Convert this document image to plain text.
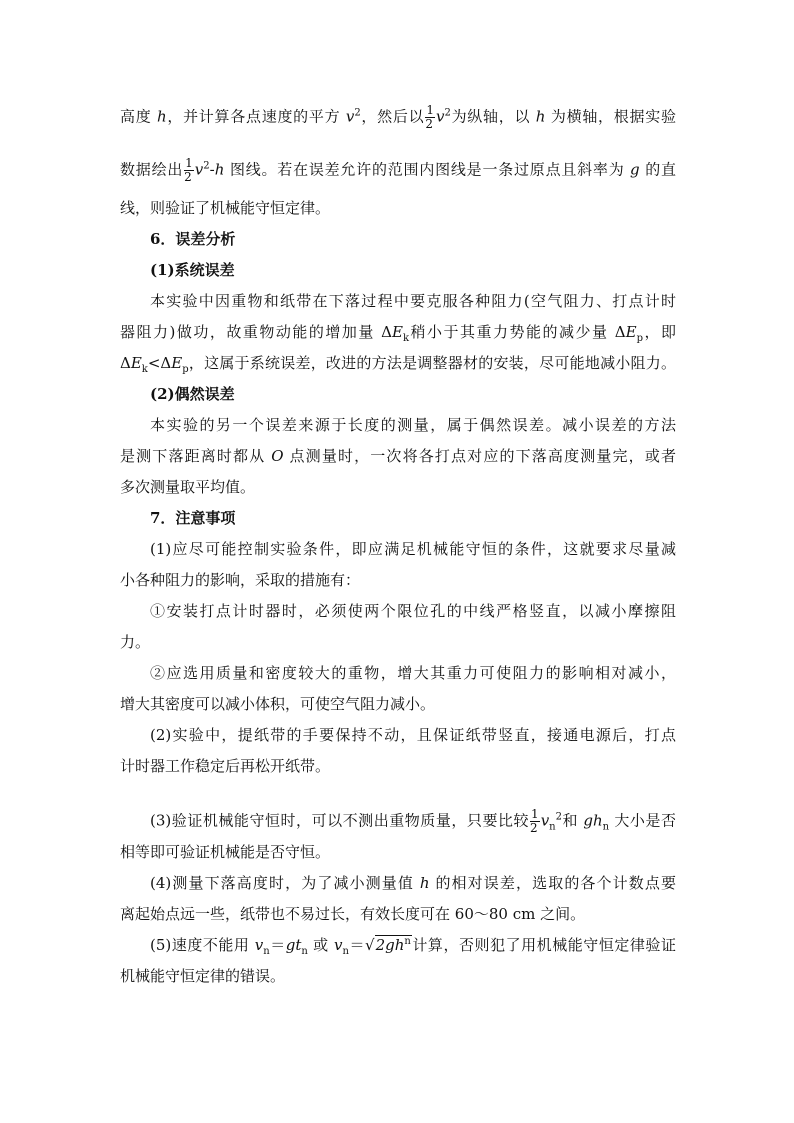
高度 h，并计算各点速度的平方 $v^2$，然后以 $\frac{1}{2} v^2$为纵轴，以 h 为横轴，根据实验
数据绘出 $\frac{1}{2} v^2-h$ 图线。若在误差允许的范围内图线是一条过原点且斜率为 g 的直
线，则验证了机械能守恒定律。
6．误差分析
(1)系统误差
本实验中因重物和纸带在下落过程中要克服各种阻力(空气阻力、打点计时
器阻力)做功，故重物动能的增加量 $\Delta E_k$稍小于其重力势能的减少量 $\Delta E_p$，即
$\Delta E_k<\Delta E_p$，这属于系统误差，改进的方法是调整器材的安装，尽可能地减小阻力。
(2)偶然误差
本实验的另一个误差来源于长度的测量，属于偶然误差。减小误差的方法
是测下落距离时都从 O 点测量时，一次将各打点对应的下落高度测量完，或者
多次测量取平均值。
7．注意事项
(1)应尽可能控制实验条件，即应满足机械能守恒的条件，这就要求尽量减
小各种阻力的影响，采取的措施有：
①安装打点计时器时，必须使两个限位孔的中线严格竖直，以减小摩擦阻
力。
②应选用质量和密度较大的重物，增大其重力可使阻力的影响相对减小，
增大其密度可以减小体积，可使空气阻力减小。
(2)实验中，提纸带的手要保持不动，且保证纸带竖直，接通电源后，打点
计时器工作稳定后再松开纸带。
(3)验证机械能守恒时，可以不测出重物质量，只要比较 $\frac{1}{2} v_n^2$和 $gh_n$ 大小是否
相等即可验证机械能是否守恒。
(4)测量下落高度时，为了减小测量值 h 的相对误差，选取的各个计数点要
离起始点远一些，纸带也不易过长，有效长度可在 60～80 cm 之间。
(5)速度不能用 $v_n=gt_n$ 或 $v_n=√2gh^n$计算，否则犯了用机械能守恒定律验证
机械能守恒定律的错误。
